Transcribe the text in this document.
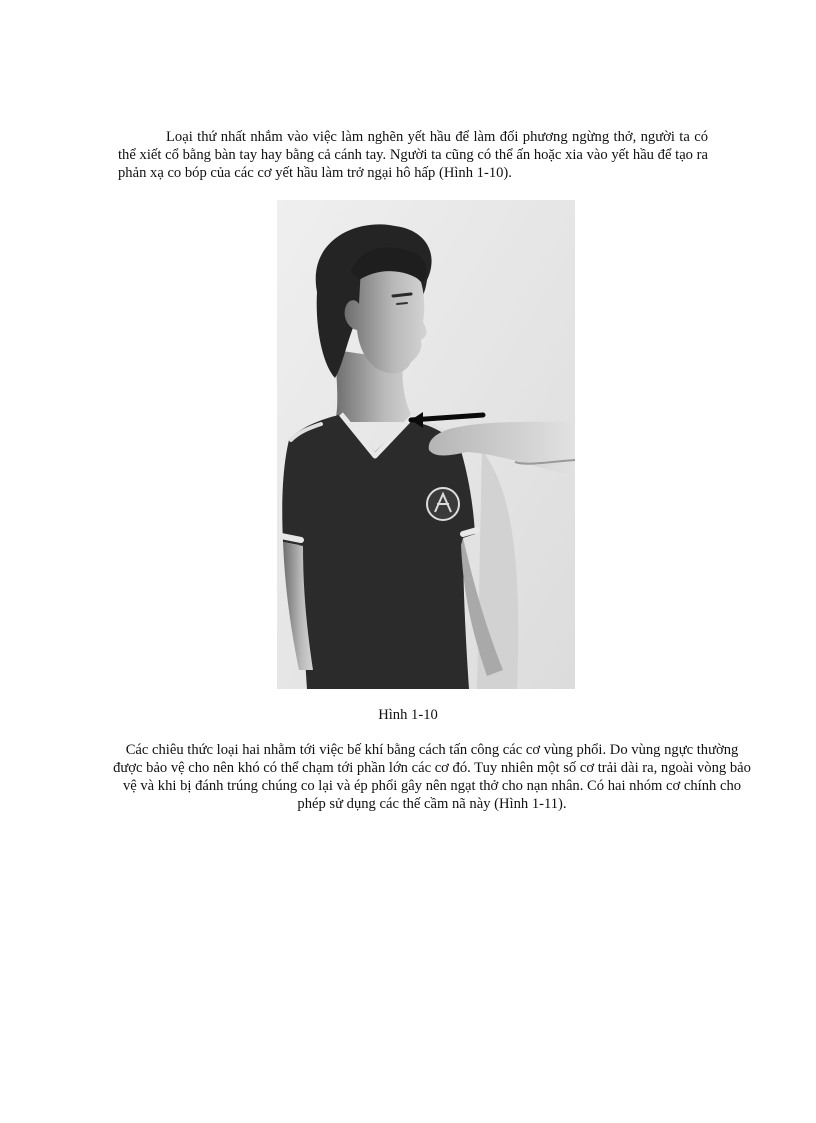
Loại thứ nhất nhắm vào việc làm nghẽn yết hầu để làm đối phương ngừng thở, người ta có thể xiết cổ bằng bàn tay hay bằng cả cánh tay. Người ta cũng có thể ấn hoặc xia vào yết hầu để tạo ra phản xạ co bóp của các cơ yết hầu làm trở ngại hô hấp (Hình 1-10).

Hình 1-10

Các chiêu thức loại hai nhằm tới việc bế khí bằng cách tấn công các cơ vùng phổi. Do vùng ngực thường được bảo vệ cho nên khó có thể chạm tới phần lớn các cơ đó. Tuy nhiên một số cơ trải dài ra, ngoài vòng bảo vệ và khi bị đánh trúng chúng co lại và ép phổi gây nên ngạt thở cho nạn nhân. Có hai nhóm cơ chính cho phép sử dụng các thế cầm nã này (Hình 1-11).
